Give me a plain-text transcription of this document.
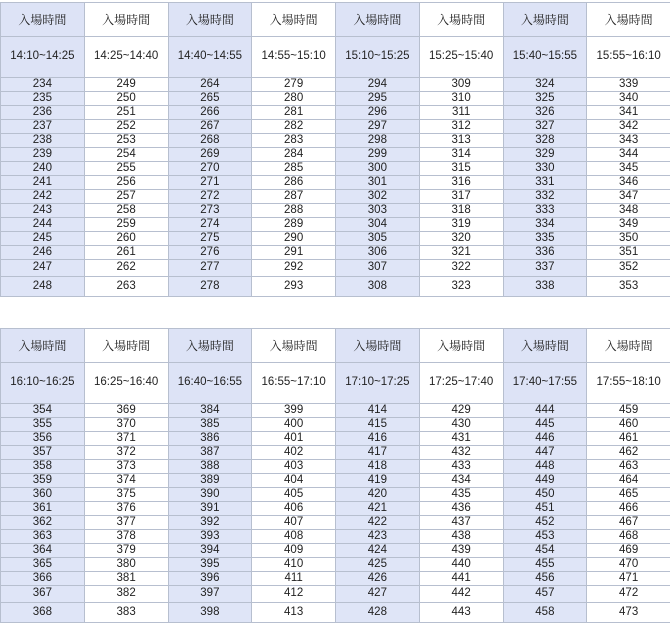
入場時間	入場時間	入場時間	入場時間	入場時間	入場時間	入場時間	入場時間
14:10~14:25	14:25~14:40	14:40~14:55	14:55~15:10	15:10~15:25	15:25~15:40	15:40~15:55	15:55~16:10
234	249	264	279	294	309	324	339
235	250	265	280	295	310	325	340
236	251	266	281	296	311	326	341
237	252	267	282	297	312	327	342
238	253	268	283	298	313	328	343
239	254	269	284	299	314	329	344
240	255	270	285	300	315	330	345
241	256	271	286	301	316	331	346
242	257	272	287	302	317	332	347
243	258	273	288	303	318	333	348
244	259	274	289	304	319	334	349
245	260	275	290	305	320	335	350
246	261	276	291	306	321	336	351
247	262	277	292	307	322	337	352
248	263	278	293	308	323	338	353
入場時間	入場時間	入場時間	入場時間	入場時間	入場時間	入場時間	入場時間
16:10~16:25	16:25~16:40	16:40~16:55	16:55~17:10	17:10~17:25	17:25~17:40	17:40~17:55	17:55~18:10
354	369	384	399	414	429	444	459
355	370	385	400	415	430	445	460
356	371	386	401	416	431	446	461
357	372	387	402	417	432	447	462
358	373	388	403	418	433	448	463
359	374	389	404	419	434	449	464
360	375	390	405	420	435	450	465
361	376	391	406	421	436	451	466
362	377	392	407	422	437	452	467
363	378	393	408	423	438	453	468
364	379	394	409	424	439	454	469
365	380	395	410	425	440	455	470
366	381	396	411	426	441	456	471
367	382	397	412	427	442	457	472
368	383	398	413	428	443	458	473
